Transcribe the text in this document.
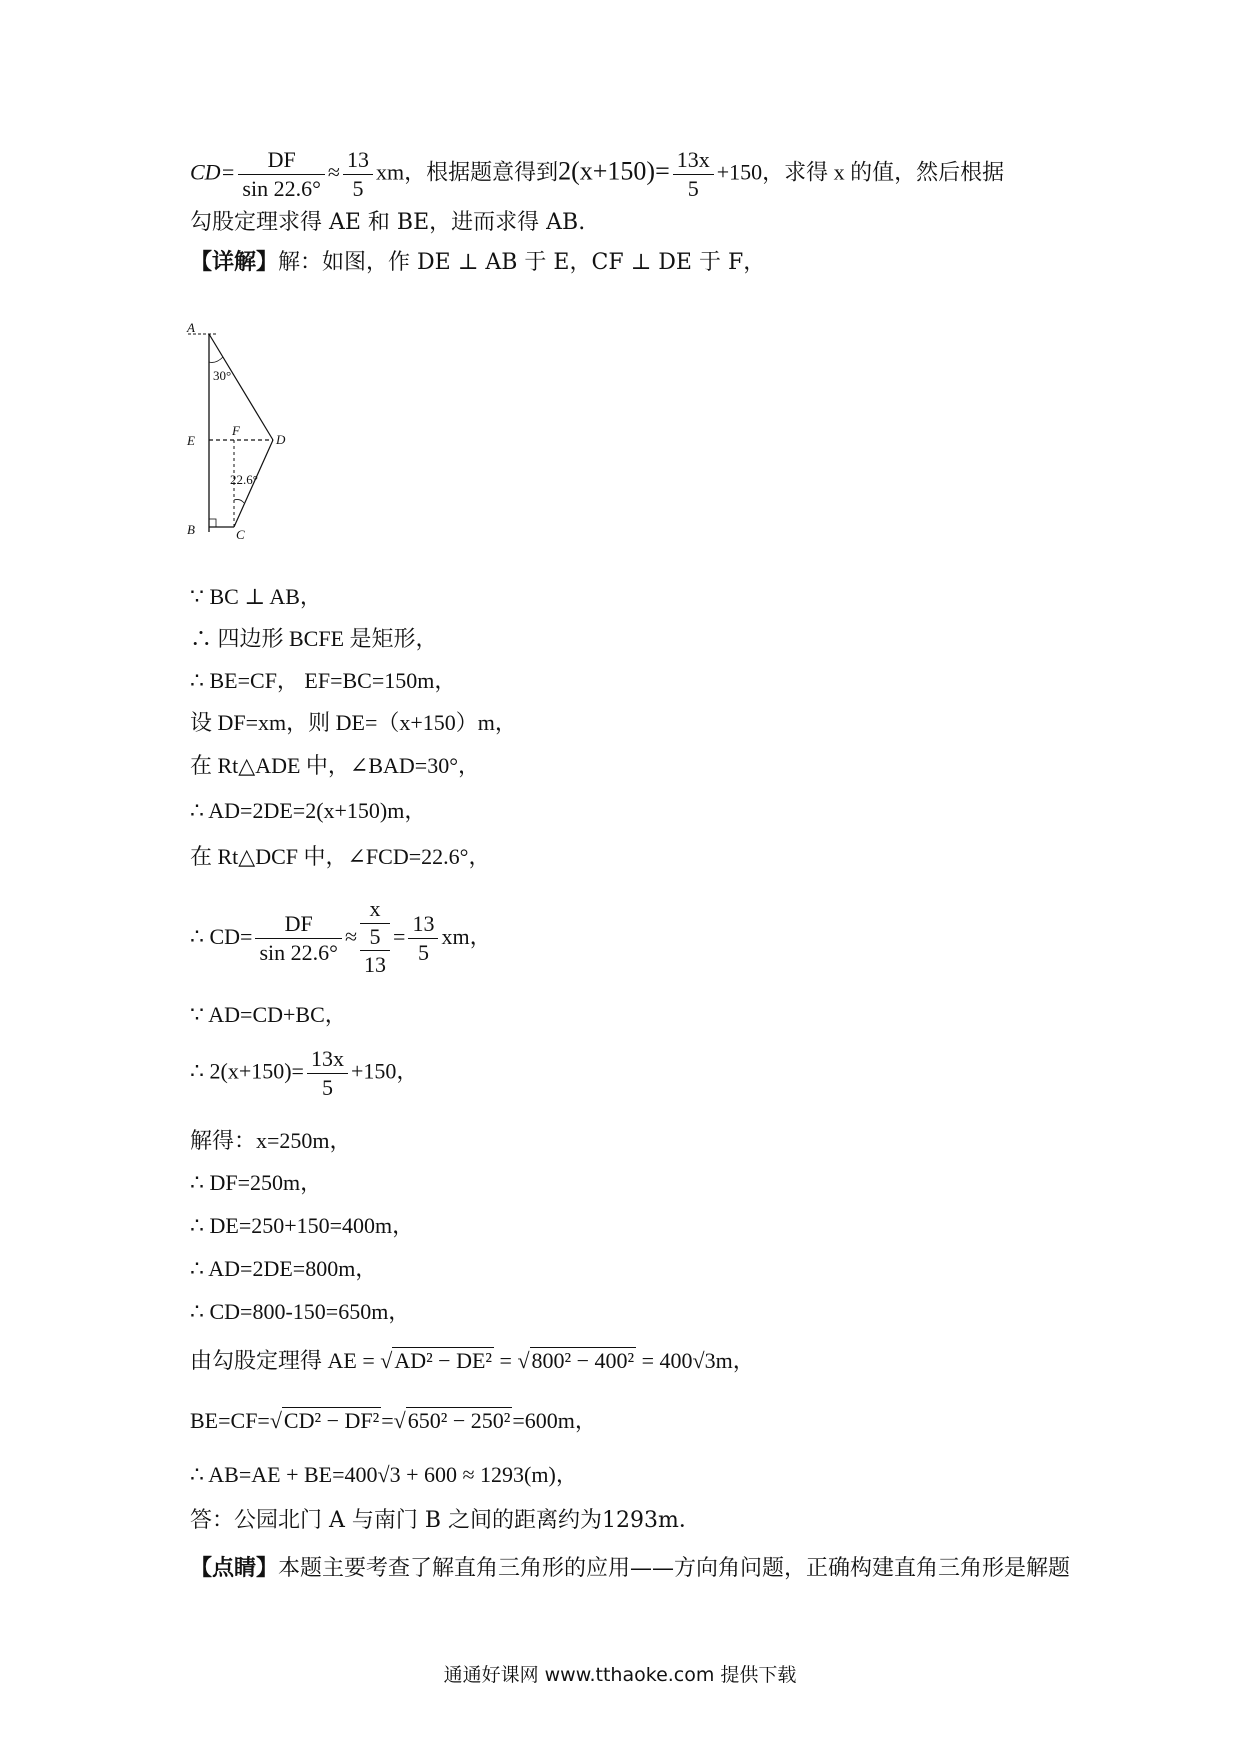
$CD= \frac{DF}{\sin 22.6^\circ} \approx \frac{13}{5}$ xm，根据题意得到$2(x+150)= \frac{13x}{5} +150$，求得 x 的值，然后根据
勾股定理求得 AE 和 BE，进而求得 AB.
【详解】解：如图，作 DE ⊥ AB 于 E，CF ⊥ DE 于 F，
A
E
F
D
B	C
30°
22.6°
∵ BC ⊥ AB，
∴ 四边形 BCFE 是矩形，
∴ BE=CF， EF=BC=150m，
设 DF=xm，则 DE=（x+150）m，
在 Rt△ADE 中，∠BAD=30°，
∴ AD=2DE=2(x+150)m，
在 Rt△DCF 中，∠FCD=22.6°，
∴ $CD= \frac{DF}{\sin 22.6^\circ}$ ≈
x
5
13
= $\frac{13}{5}$ xm，
∵ AD=CD+BC，
∴ $2(x+150)= \frac{13x}{5} +150$，
解得：x=250m，
∴ DF=250m，
∴ DE=250+150=400m，
∴ AD=2DE=800m，
∴ CD=800-150=650m，
由勾股定理得 AE = √AD² − DE² = √800² − 400² = 400√3m，
BE=CF=√CD² − DF²=√650² − 250²=600m，
∴ AB=AE + BE=400√3 + 600 ≈ 1293(m)，
答：公园北门 A 与南门 B 之间的距离约为1293m．
【点睛】本题主要考查了解直角三角形的应用——方向角问题，正确构建直角三角形是解题
通通好课网 www.tthaoke.com 提供下载
